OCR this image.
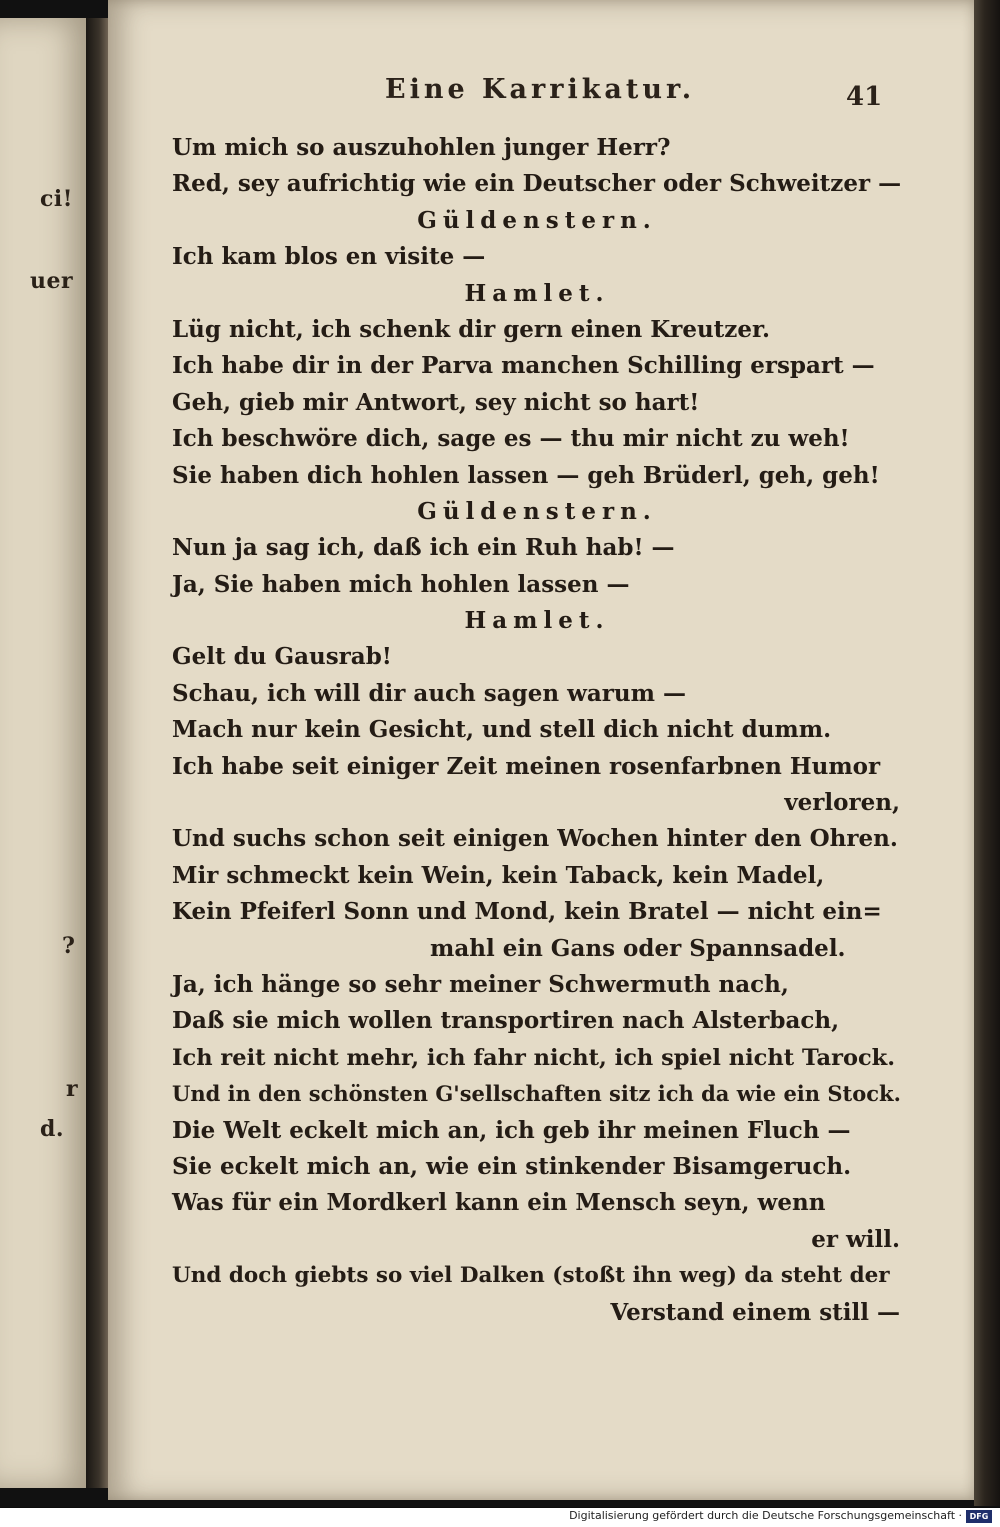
ci!
uer
?
r
d.
Eine Karrikatur.	41
Um mich so auszuhohlen junger Herr?
Red, sey aufrichtig wie ein Deutscher oder Schweitzer —
Güldenstern.
Ich kam blos en visite —
Hamlet.
Lüg nicht, ich schenk dir gern einen Kreutzer.
Ich habe dir in der Parva manchen Schilling erspart —
Geh, gieb mir Antwort, sey nicht so hart!
Ich beschwöre dich, sage es — thu mir nicht zu weh!
Sie haben dich hohlen lassen — geh Brüderl, geh, geh!
Güldenstern.
Nun ja sag ich, daß ich ein Ruh hab! —
Ja, Sie haben mich hohlen lassen —
Hamlet.
Gelt du Gausrab!
Schau, ich will dir auch sagen warum —
Mach nur kein Gesicht, und stell dich nicht dumm.
Ich habe seit einiger Zeit meinen rosenfarbnen Humor
verloren,
Und suchs schon seit einigen Wochen hinter den Ohren.
Mir schmeckt kein Wein, kein Taback, kein Madel,
Kein Pfeiferl Sonn und Mond, kein Bratel — nicht ein=
mahl ein Gans oder Spannsadel.
Ja, ich hänge so sehr meiner Schwermuth nach,
Daß sie mich wollen transportiren nach Alsterbach,
Ich reit nicht mehr, ich fahr nicht, ich spiel nicht Tarock.
Und in den schönsten G'sellschaften sitz ich da wie ein Stock.
Die Welt eckelt mich an, ich geb ihr meinen Fluch —
Sie eckelt mich an, wie ein stinkender Bisamgeruch.
Was für ein Mordkerl kann ein Mensch seyn, wenn
er will.
Und doch giebts so viel Dalken (stoßt ihn weg) da steht der
Verstand einem still —
Digitalisierung gefördert durch die Deutsche Forschungsgemeinschaft · DFG
